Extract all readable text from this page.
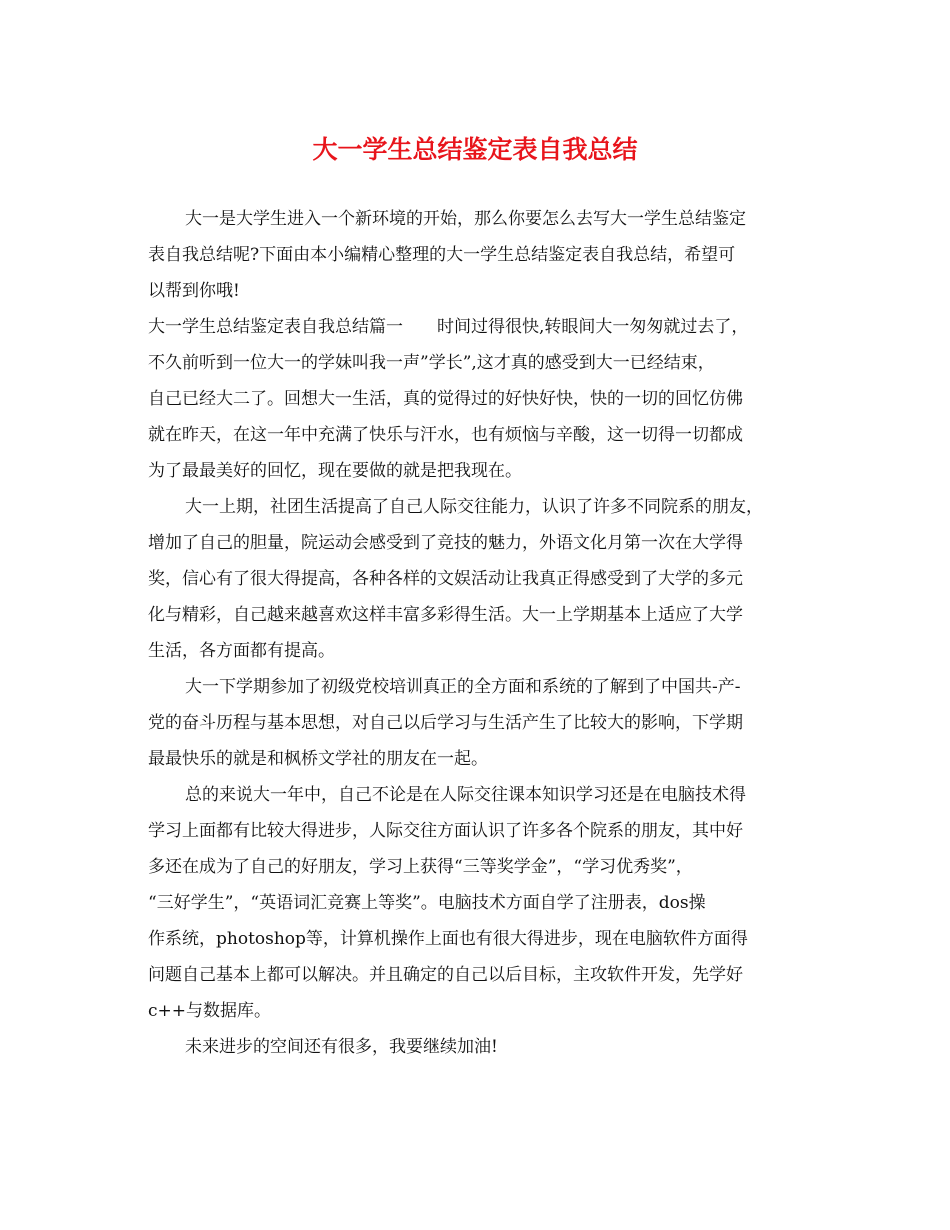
大一学生总结鉴定表自我总结
大一是大学生进入一个新环境的开始，那么你要怎么去写大一学生总结鉴定
表自我总结呢?下面由本小编精心整理的大一学生总结鉴定表自我总结，希望可
以帮到你哦!
大一学生总结鉴定表自我总结篇一　　时间过得很快,转眼间大一匆匆就过去了，
不久前听到一位大一的学妹叫我一声”学长”,这才真的感受到大一已经结束，
自己已经大二了。回想大一生活，真的觉得过的好快好快，快的一切的回忆仿佛
就在昨天，在这一年中充满了快乐与汗水，也有烦恼与辛酸，这一切得一切都成
为了最最美好的回忆，现在要做的就是把我现在。
大一上期，社团生活提高了自己人际交往能力，认识了许多不同院系的朋友，
增加了自己的胆量，院运动会感受到了竞技的魅力，外语文化月第一次在大学得
奖，信心有了很大得提高，各种各样的文娱活动让我真正得感受到了大学的多元
化与精彩，自己越来越喜欢这样丰富多彩得生活。大一上学期基本上适应了大学
生活，各方面都有提高。
大一下学期参加了初级党校培训真正的全方面和系统的了解到了中国共-产-
党的奋斗历程与基本思想，对自己以后学习与生活产生了比较大的影响，下学期
最最快乐的就是和枫桥文学社的朋友在一起。
总的来说大一年中，自己不论是在人际交往课本知识学习还是在电脑技术得
学习上面都有比较大得进步，人际交往方面认识了许多各个院系的朋友，其中好
多还在成为了自己的好朋友，学习上获得“三等奖学金”，“学习优秀奖”，
“三好学生”，“英语词汇竞赛上等奖”。电脑技术方面自学了注册表，dos操
作系统，photoshop等，计算机操作上面也有很大得进步，现在电脑软件方面得
问题自己基本上都可以解决。并且确定的自己以后目标，主攻软件开发，先学好
c++与数据库。
未来进步的空间还有很多，我要继续加油!
